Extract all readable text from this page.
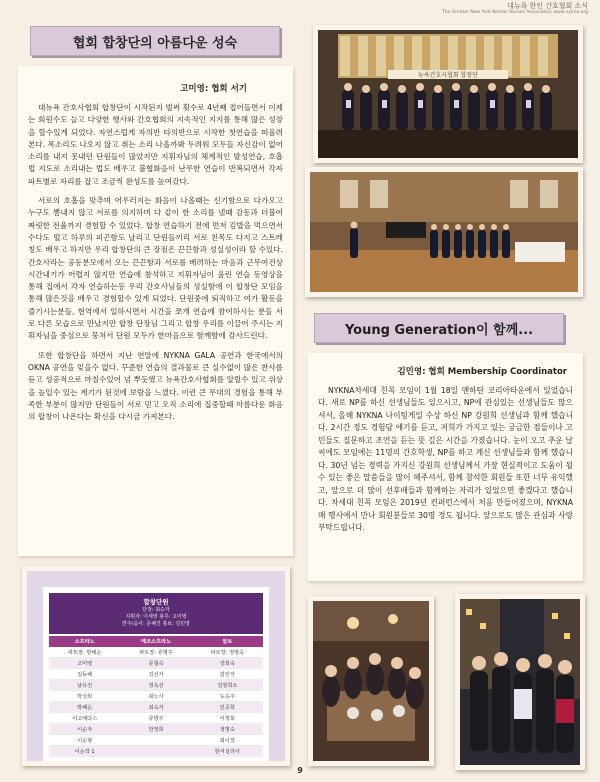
대뉴욕 한인 간호협회 소식
The Greater New York Korean Nurses Association www.nykna.org
협회 합창단의 아름다운 성숙
고미영: 협회 서기

대뉴욕 간호사협회 합창단이 시작된지 벌써 횟수로 4년째 접어들면서 이제는 회원수도 늘고 다양한 행사와 간호협회의 지속적인 지지를 통해 많은 성장을 할수있게 되었다. 자연스럽게 자의반 타의반으로 시작한 첫연습을 떠올려 본다. 목소리도 나오지 않고 취는 소리 나올까봐 두려워 모두들 자신감이 없어 소리를 내지 못내던 단원들이 많았지만 지휘자님의 체계적인 발성연습, 호흡법 지도로 소리내는 법도 배우고 불협화음이 난무한 연습이 반복되면서 각자 파트별로 자리를 잡고 조금씩 완성도를 높여갔다.

서로의 호흡을 맞추며 어우러지는 화음이 나올때는 신기함으로 다가오고 누구도 뽐내지 않고 서로를 의지하며 다 같이 한 소리를 낼때 감동과 더불어 짜릿한 전율까지 경험할 수 있었다. 합창 연습하기 전에 먼저 김밥을 먹으면서 수다도 떨고 하루의 피곤함도 날리고 단원들끼리 서로 친목도 다지고 스트레칭도 배우고 하지만 우리 합창단의 큰 장점은 끈끈함과 성실성이라 할 수있다. 간호사라는 공동분모에서 오는 끈끈함과 서로를 배려하는 마음과 근무여건상 시간내기가 어렵지 않지만 연습에 참석하고 지휘자님이 올린 연습 동영상을 통해 집에서 각자 연습하는등 우리 간호사님들의 성실함에 이 합창단 모임을 통해 많은것을 배우고 경험할수 있게 되었다. 단원중에 퇴직하고 여가 활동을 즐기시는분들, 현역에서 일하시면서 시간을 쪼개 연습에 참여하시는 분들 서로 다른 모습으로 만났지만 합창 단장님 그리고 합창 우리를 이끌어 주시는 지휘자님을 중심으로 뭉쳐서 단원 모두가 한마음으로 함께함에 감사드린다.

또한 합창단을 하면서 지난 연말에 NYKNA GALA 공연과 한국에서의 OKNA 공연을 잊을수 없다. 꾸준한 연습의 결과물로 큰 실수없이 많은 찬사를 듣고 성공적으로 마칠수있어 넘 뿌듯했고 뉴욕간호사협회를 알릴수 있고 위상을 높일수 있는 계기가 된것에 보람을 느꼈다. 이런 큰 무대의 경험을 통해 부족한 부분이 많지만 단원들이 서로 믿고 오직 소리에 집중할때 아름다운 화음의 합창이 나온다는 확신을 다시금 가져본다.

뉴욕간호사협회 합창단
Young Generation이 함께...
김민영: 협회 Membership Coordinator

NYKNA차세대 친목 모임이 1월 18일 맨하탄 코리아타운에서 있었습니다. 새로 NP를 하신 선생님들도 있으시고, NP에 관심있는 선생님들도 많으셔서, 올해 NYKNA 나이팅게일 수상 하신 NP 강원희 선생님과 함께 했습니다. 2시간 정도 경험담 얘기를 듣고, 저희가 가지고 있는 궁금한 점들이나 고민들도 질문하고 조언을 듣는 뜻 깊은 시간을 가졌습니다. 눈이 오고 추운 날씨에도 모임에는 11명의 간호학생, NP를 하고 계신 선생님들과 함께 했습니다. 30년 넘는 경력을 가지신 강원희 선생님께서 가장 현실적이고 도움이 될 수 있는 좋은 말씀들을 많이 해주셔서, 함께 참석한 회원들 또한 너무 유익했고, 앞으로 더 많이 선후배들과 함께하는 자리가 있었으면 좋겠다고 했습니다. 차세대 친목 모임은 2019년 컨퍼런스에서 처음 만들어졌으며, NYKNA 매 행사에서 만나 회원분들로 30명 정도 됩니다. 앞으로도 많은 관심과 사랑 부탁드립니다.

합창단원
단장: 최승자
지휘자: 이세영 총무: 고미영
반주/음사: 문혜진 홍보: 김민영
소프라노	메조소프라노	알토
파트장: 방해순	파트장: 류명주	파트장: 정명숙
고미영	문철숙	강희숙
김동혜	김선자	김인자
남유진	정옥선	김영희소
박성희	최노사	도옥주
박혜순	최숙자	민공희
서고메다스	류명주	이정희
이순자	한정희	정명숙
이순형		최이장
이순작 1		한서실리아
9
